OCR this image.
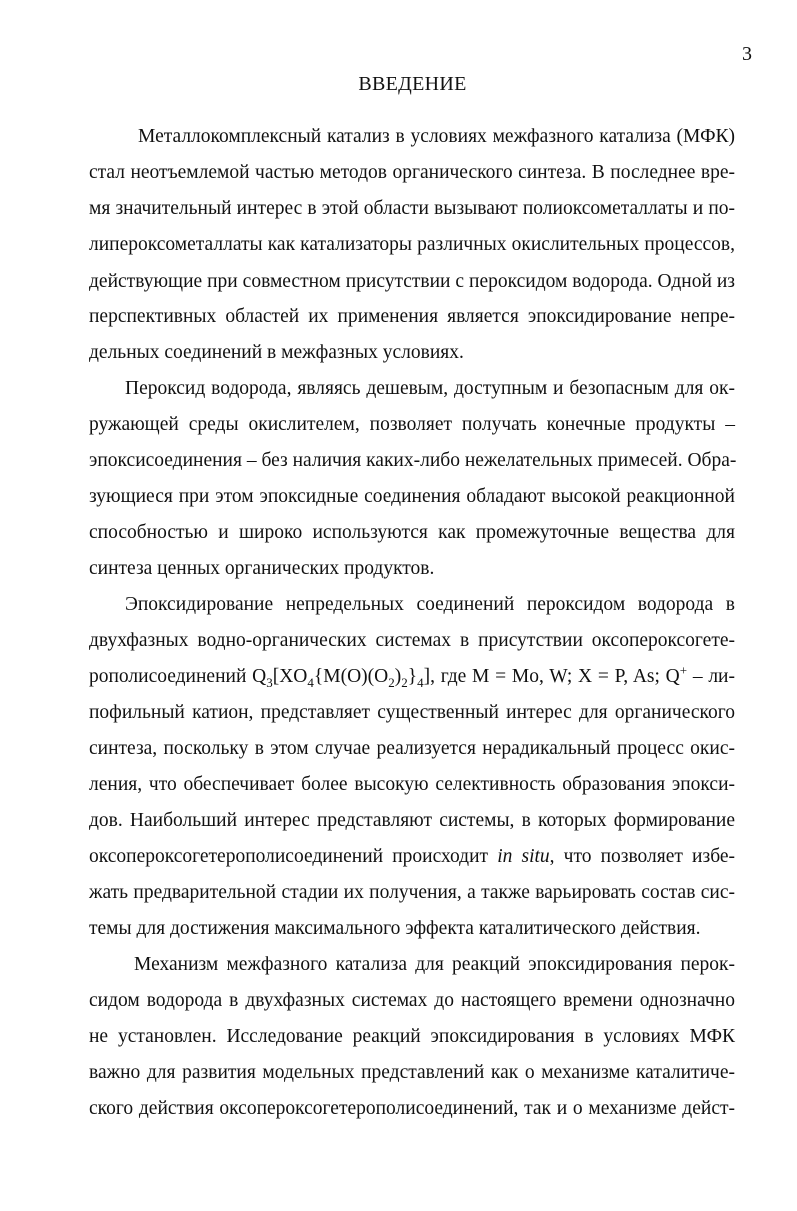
3
ВВЕДЕНИЕ
Металлокомплексный катализ в условиях межфазного катализа (МФК)
стал неотъемлемой частью методов органического синтеза. В последнее вре-
мя значительный интерес в этой области вызывают полиоксометаллаты и по-
липероксометаллаты как катализаторы различных окислительных процессов,
действующие при совместном присутствии с пероксидом водорода. Одной из
перспективных областей их применения является эпоксидирование непре-
дельных соединений в межфазных условиях.
Пероксид водорода, являясь дешевым, доступным и безопасным для ок-
ружающей среды окислителем, позволяет получать конечные продукты –
эпоксисоединения – без наличия каких-либо нежелательных примесей. Обра-
зующиеся при этом эпоксидные соединения обладают высокой реакционной
способностью и широко используются как промежуточные вещества для
синтеза ценных органических продуктов.
Эпоксидирование непредельных соединений пероксидом водорода в
двухфазных водно-органических системах в присутствии оксопероксогете-
рополисоединений $Q_3[XO_4\{M(O)(O_2)_2\}_4]$, где M = Mo, W; X = P, As; Q+ – ли-
пофильный катион, представляет существенный интерес для органического
синтеза, поскольку в этом случае реализуется нерадикальный процесс окис-
ления, что обеспечивает более высокую селективность образования эпокси-
дов. Наибольший интерес представляют системы, в которых формирование
оксопероксогетерополисоединений происходит in situ, что позволяет избе-
жать предварительной стадии их получения, а также варьировать состав сис-
темы для достижения максимального эффекта каталитического действия.
Механизм межфазного катализа для реакций эпоксидирования перок-
сидом водорода в двухфазных системах до настоящего времени однозначно
не установлен. Исследование реакций эпоксидирования в условиях МФК
важно для развития модельных представлений как о механизме каталитиче-
ского действия оксопероксогетерополисоединений, так и о механизме дейст-
